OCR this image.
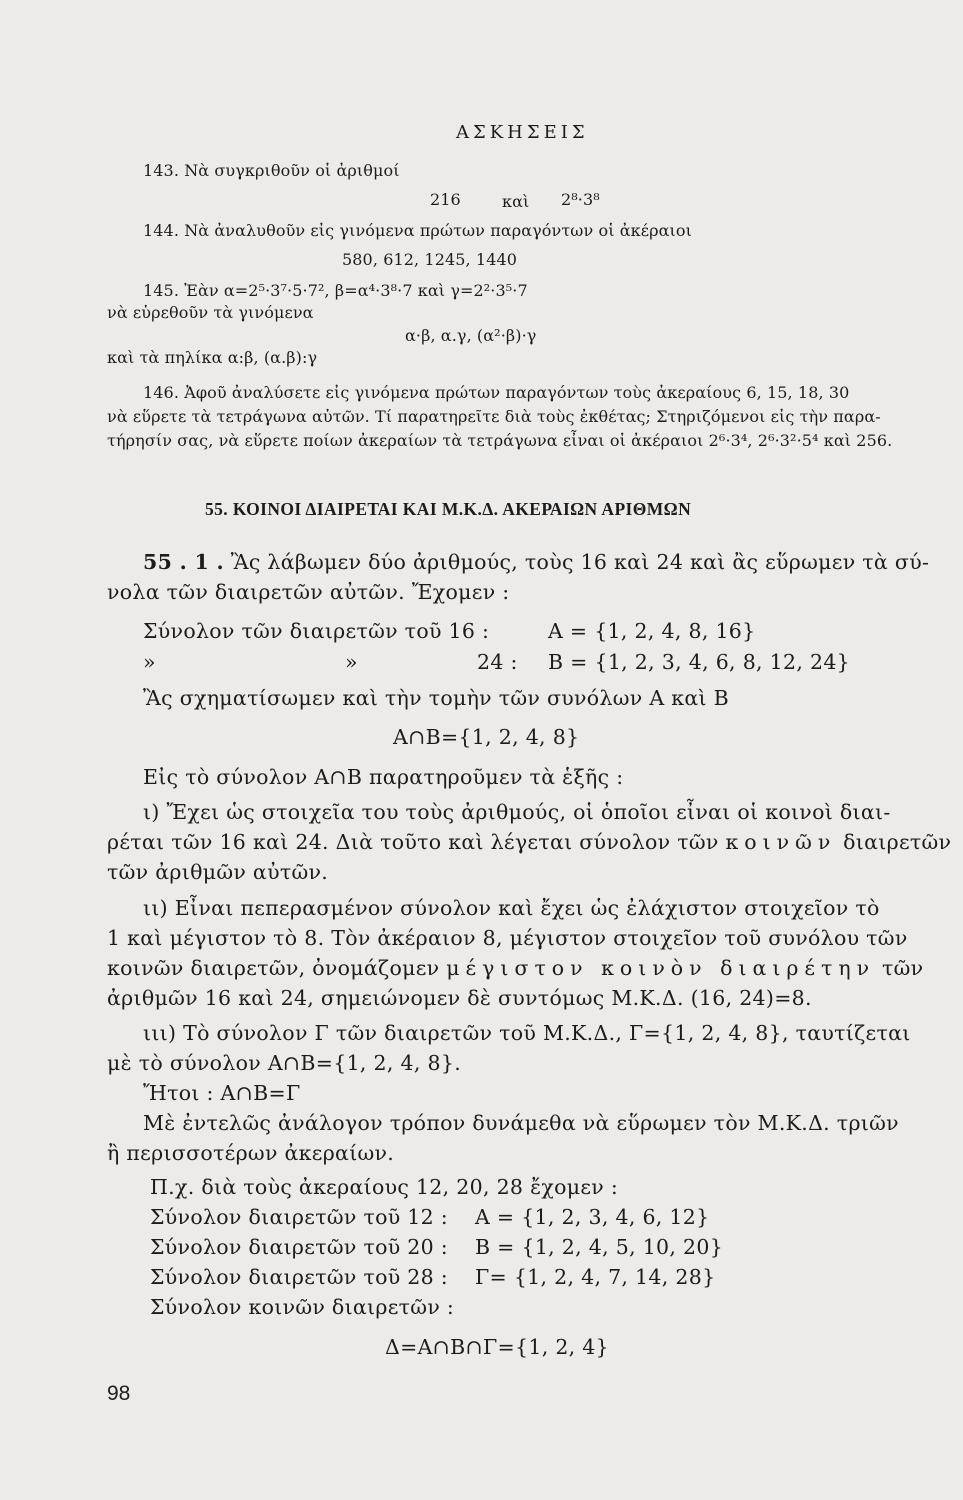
ΑΣΚΗΣΕΙΣ
143. Νὰ συγκριθοῦν οἱ ἀριθμοί
216	καὶ 2⁸·3⁸
144. Νὰ ἀναλυθοῦν εἰς γινόμενα πρώτων παραγόντων οἱ ἀκέραιοι
580, 612, 1245, 1440
145. Ἐὰν α=2⁵·3⁷·5·7², β=α⁴·3⁸·7 καὶ γ=2²·3⁵·7
νὰ εὑρεθοῦν τὰ γινόμενα
α·β, α.γ, (α²·β)·γ
καὶ τὰ πηλίκα α:β, (α.β):γ
146. Ἀφοῦ ἀναλύσετε εἰς γινόμενα πρώτων παραγόντων τοὺς ἀκεραίους 6, 15, 18, 30
νὰ εὕρετε τὰ τετράγωνα αὐτῶν. Τί παρατηρεῖτε διὰ τοὺς ἐκθέτας; Στηριζόμενοι εἰς τὴν παρα-
τήρησίν σας, νὰ εὕρετε ποίων ἀκεραίων τὰ τετράγωνα εἶναι οἱ ἀκέραιοι 2⁶·3⁴, 2⁶·3²·5⁴ καὶ 256.
55. ΚΟΙΝΟΙ ΔΙΑΙΡΕΤΑΙ ΚΑΙ Μ.Κ.Δ. ΑΚΕΡΑΙΩΝ ΑΡΙΘΜΩΝ
55 . 1 . Ἂς λάβωμεν δύο ἀριθμούς, τοὺς 16 καὶ 24 καὶ ἂς εὕρωμεν τὰ σύ-
νολα τῶν διαιρετῶν αὐτῶν. Ἔχομεν :
Σύνολον τῶν διαιρετῶν τοῦ 16 :	A = {1, 2, 4, 8, 16}
»	»	24 : B = {1, 2, 3, 4, 6, 8, 12, 24}
Ἂς σχηματίσωμεν καὶ τὴν τομὴν τῶν συνόλων A καὶ B
A∩B={1, 2, 4, 8}
Εἰς τὸ σύνολον A∩B παρατηροῦμεν τὰ ἑξῆς :
ι) Ἔχει ὡς στοιχεῖα του τοὺς ἀριθμούς, οἱ ὁποῖοι εἶναι οἱ κοινοὶ διαι-
ρέται τῶν 16 καὶ 24. Διὰ τοῦτο καὶ λέγεται σύνολον τῶν κοινῶν διαιρετῶν
τῶν ἀριθμῶν αὐτῶν.
ιι) Εἶναι πεπερασμένον σύνολον καὶ ἔχει ὡς ἐλάχιστον στοιχεῖον τὸ
1 καὶ μέγιστον τὸ 8. Τὸν ἀκέραιον 8, μέγιστον στοιχεῖον τοῦ συνόλου τῶν
κοινῶν διαιρετῶν, ὀνομάζομεν μέγιστον κοινὸν διαιρέτην τῶν
ἀριθμῶν 16 καὶ 24, σημειώνομεν δὲ συντόμως Μ.Κ.Δ. (16, 24)=8.
ιιι) Τὸ σύνολον Γ τῶν διαιρετῶν τοῦ Μ.Κ.Δ., Γ={1, 2, 4, 8}, ταυτίζεται
μὲ τὸ σύνολον A∩B={1, 2, 4, 8}.
Ἤτοι : A∩B=Γ
Μὲ ἐντελῶς ἀνάλογον τρόπον δυνάμεθα νὰ εὕρωμεν τὸν Μ.Κ.Δ. τριῶν
ἢ περισσοτέρων ἀκεραίων.
Π.χ. διὰ τοὺς ἀκεραίους 12, 20, 28 ἔχομεν :
Σύνολον διαιρετῶν τοῦ 12 : A = {1, 2, 3, 4, 6, 12}
Σύνολον διαιρετῶν τοῦ 20 : B = {1, 2, 4, 5, 10, 20}
Σύνολον διαιρετῶν τοῦ 28 : Γ= {1, 2, 4, 7, 14, 28}
Σύνολον κοινῶν διαιρετῶν :
Δ=A∩B∩Γ={1, 2, 4}
98
